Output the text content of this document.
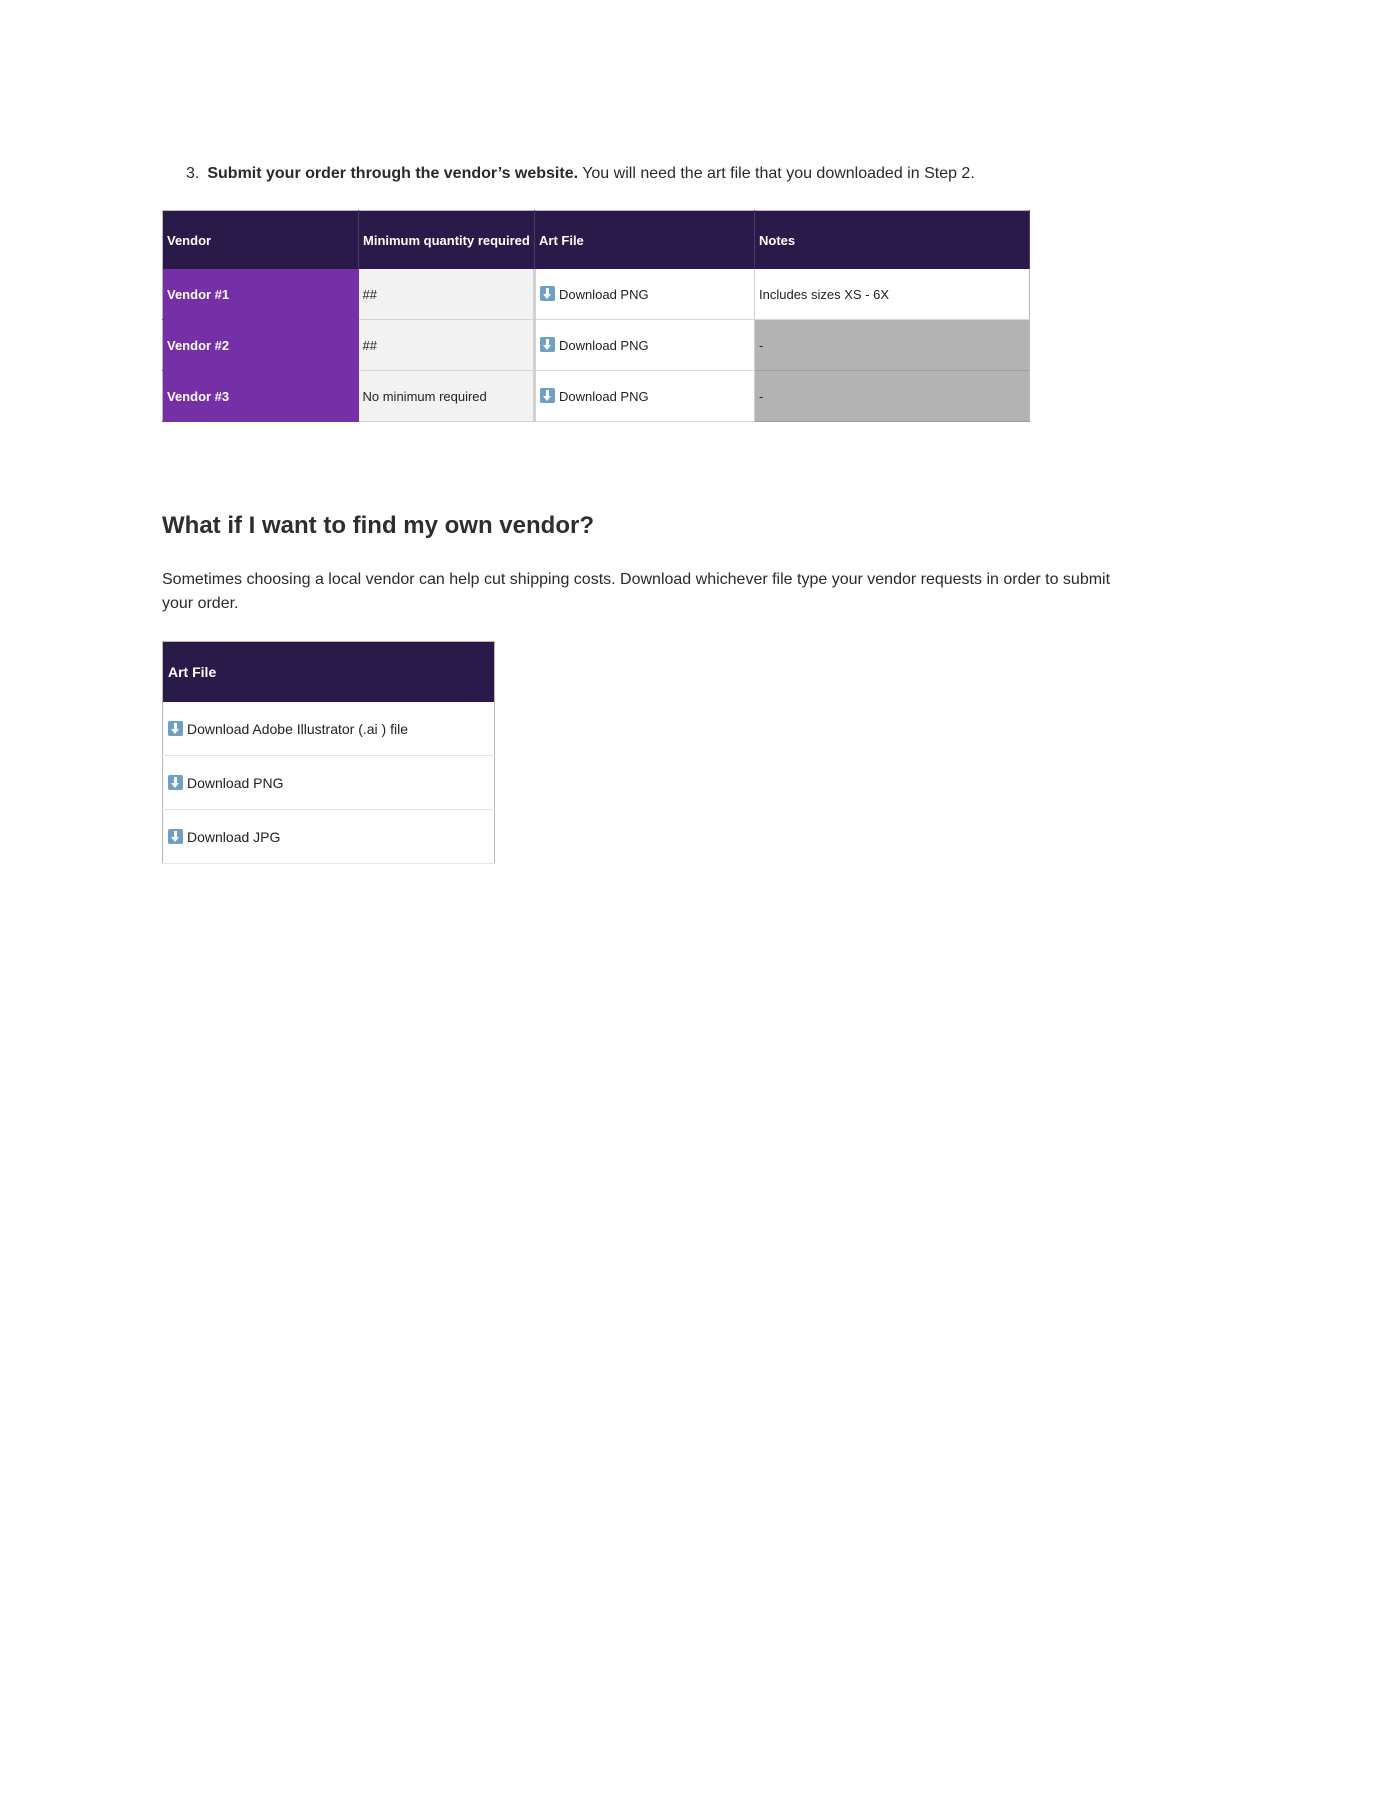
3. Submit your order through the vendor’s website. You will need the art file that you downloaded in Step 2.
Vendor	Minimum quantity required	Art File	Notes
Vendor #1	##	Download PNG	Includes sizes XS - 6X
Vendor #2	##	Download PNG	-
Vendor #3	No minimum required	Download PNG	-
What if I want to find my own vendor?

Sometimes choosing a local vendor can help cut shipping costs. Download whichever file type your vendor requests in order to submit your order.

Art File
Download Adobe Illustrator (.ai ) file
Download PNG
Download JPG
